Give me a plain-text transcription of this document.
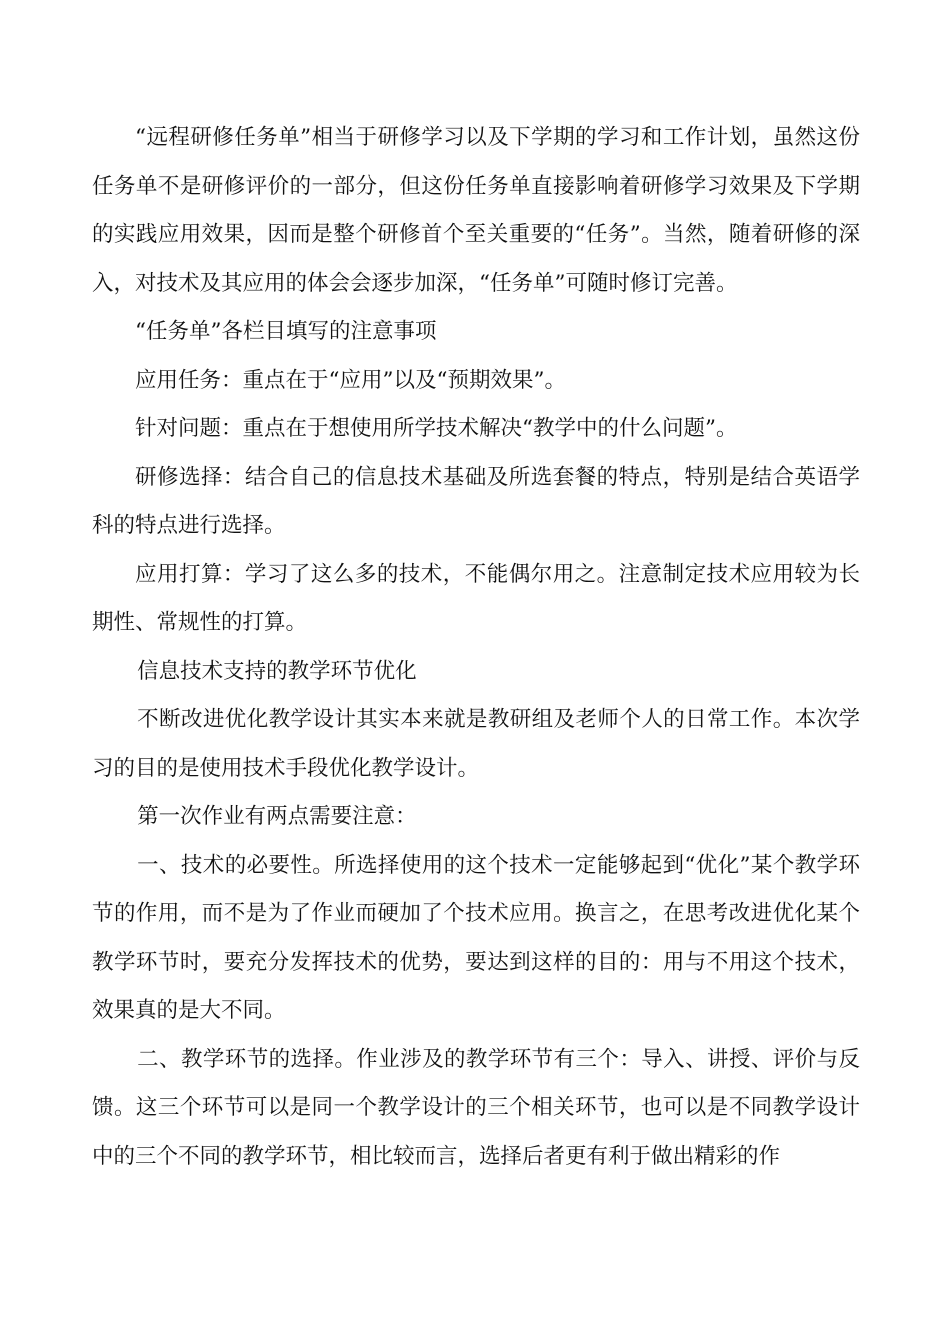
“远程研修任务单”相当于研修学习以及下学期的学习和工作计划，虽然这份任务单不是研修评价的一部分，但这份任务单直接影响着研修学习效果及下学期的实践应用效果，因而是整个研修首个至关重要的“任务”。当然，随着研修的深入，对技术及其应用的体会会逐步加深，“任务单”可随时修订完善。

“任务单”各栏目填写的注意事项

应用任务：重点在于“应用”以及“预期效果”。

针对问题：重点在于想使用所学技术解决“教学中的什么问题”。

研修选择：结合自己的信息技术基础及所选套餐的特点，特别是结合英语学科的特点进行选择。

应用打算：学习了这么多的技术，不能偶尔用之。注意制定技术应用较为长期性、常规性的打算。

信息技术支持的教学环节优化

不断改进优化教学设计其实本来就是教研组及老师个人的日常工作。本次学习的目的是使用技术手段优化教学设计。

第一次作业有两点需要注意：

一、技术的必要性。所选择使用的这个技术一定能够起到“优化”某个教学环节的作用，而不是为了作业而硬加了个技术应用。换言之，在思考改进优化某个教学环节时，要充分发挥技术的优势，要达到这样的目的：用与不用这个技术，效果真的是大不同。

二、教学环节的选择。作业涉及的教学环节有三个：导入、讲授、评价与反馈。这三个环节可以是同一个教学设计的三个相关环节，也可以是不同教学设计中的三个不同的教学环节，相比较而言，选择后者更有利于做出精彩的作
